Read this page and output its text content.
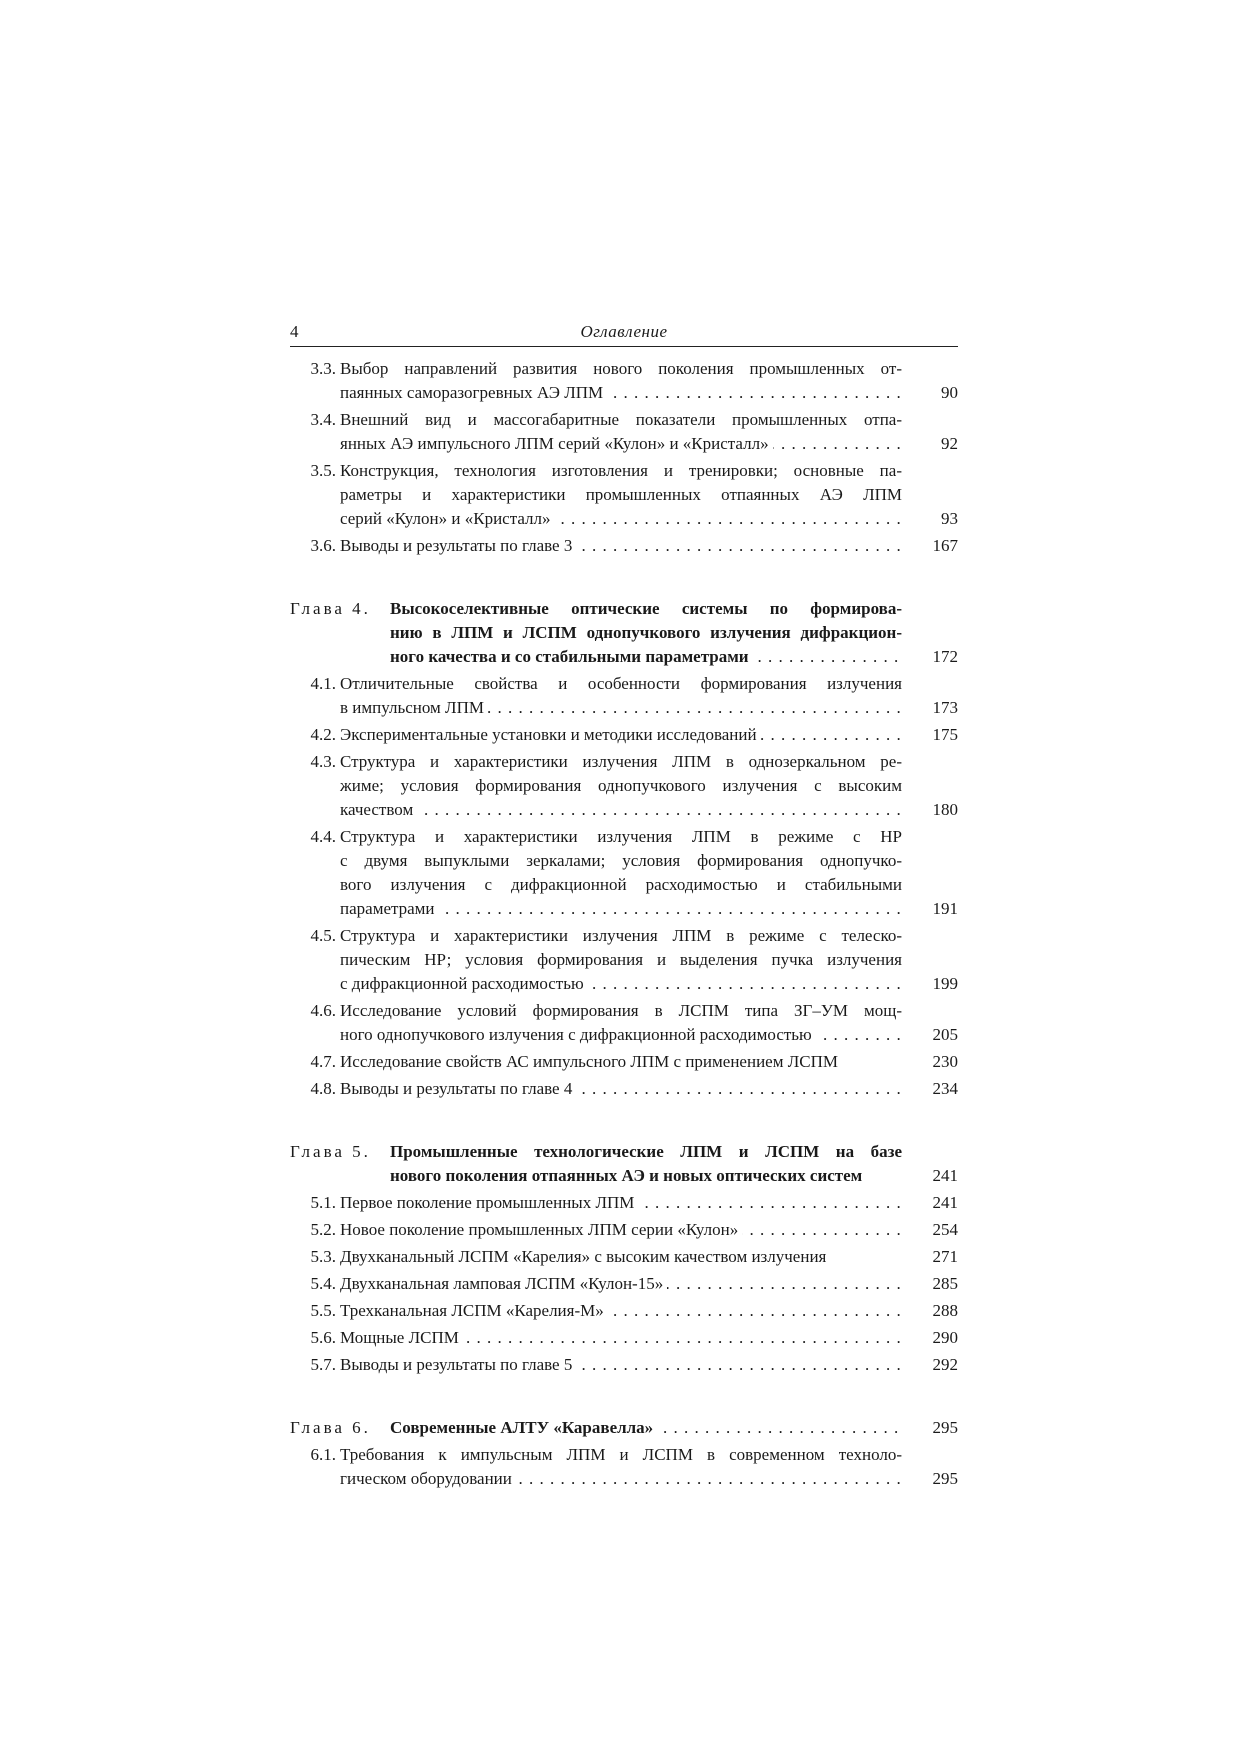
4	Оглавление
3.3. Выбор направлений развития нового поколения промышленных от-
паянных саморазогревных АЭ ЛПМ . . .	90
3.4. Внешний вид и массогабаритные показатели промышленных отпа-
янных АЭ импульсного ЛПМ серий «Кулон» и «Кристалл» . . .	92
3.5. Конструкция, технология изготовления и тренировки; основные па-
раметры и характеристики промышленных отпаянных АЭ ЛПМ
серий «Кулон» и «Кристалл» . . .	93
3.6. Выводы и результаты по главе 3 . . .	167
Глава 4. Высокоселективные оптические системы по формирова-
нию в ЛПМ и ЛСПМ однопучкового излучения дифракцион-
ного качества и со стабильными параметрами . . .	172
4.1. Отличительные свойства и особенности формирования излучения
в импульсном ЛПМ . . .	173
4.2. Экспериментальные установки и методики исследований . . .	175
4.3. Структура и характеристики излучения ЛПМ в однозеркальном ре-
жиме; условия формирования однопучкового излучения с высоким
качеством . . .	180
4.4. Структура и характеристики излучения ЛПМ в режиме с НР
с двумя выпуклыми зеркалами; условия формирования однопучко-
вого излучения с дифракционной расходимостью и стабильными
параметрами . . .	191
4.5. Структура и характеристики излучения ЛПМ в режиме с телеско-
пическим НР; условия формирования и выделения пучка излучения
с дифракционной расходимостью . . .	199
4.6. Исследование условий формирования в ЛСПМ типа ЗГ–УМ мощ-
ного однопучкового излучения с дифракционной расходимостью . . .	205
4.7. Исследование свойств АС импульсного ЛПМ с применением ЛСПМ	230
4.8. Выводы и результаты по главе 4 . . .	234
Глава 5. Промышленные технологические ЛПМ и ЛСПМ на базе
нового поколения отпаянных АЭ и новых оптических систем	241
5.1. Первое поколение промышленных ЛПМ . . .	241
5.2. Новое поколение промышленных ЛПМ серии «Кулон» . . .	254
5.3. Двухканальный ЛСПМ «Карелия» с высоким качеством излучения	271
5.4. Двухканальная ламповая ЛСПМ «Кулон-15» . . .	285
5.5. Трехканальная ЛСПМ «Карелия-М» . . .	288
5.6. Мощные ЛСПМ . . .	290
5.7. Выводы и результаты по главе 5 . . .	292
Глава 6. Современные АЛТУ «Каравелла» . . .	295
6.1. Требования к импульсным ЛПМ и ЛСПМ в современном техноло-
гическом оборудовании . . .	295
